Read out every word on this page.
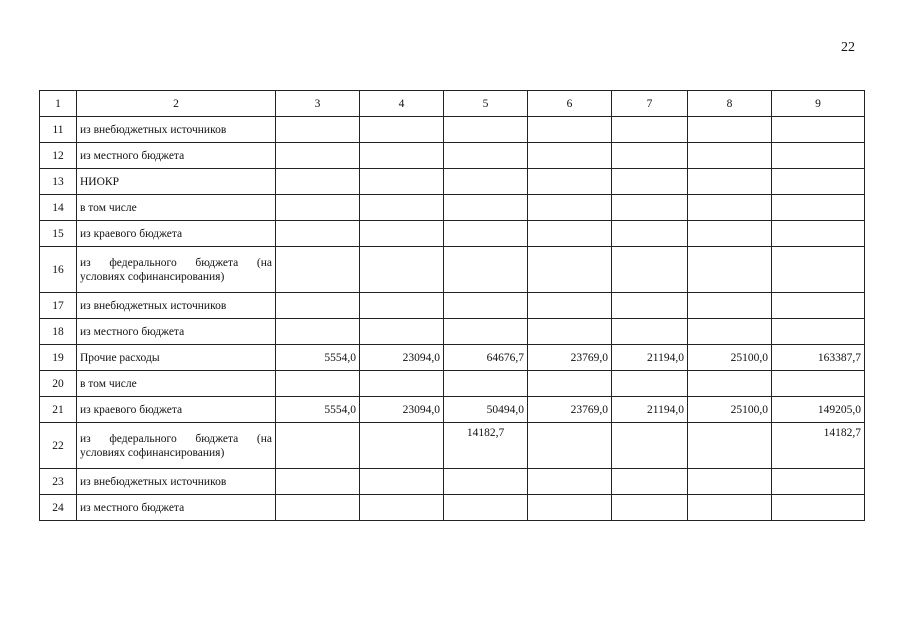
22
1	2	3	4	5	6	7	8	9
11	из внебюджетных источников							
12	из местного бюджета							
13	НИОКР							
14	в том числе							
15	из краевого бюджета							
16	из федерального бюджета (на условиях софинансирования)							
17	из внебюджетных источников							
18	из местного бюджета							
19	Прочие расходы	5554,0	23094,0	64676,7	23769,0	21194,0	25100,0	163387,7
20	в том числе							
21	из краевого бюджета	5554,0	23094,0	50494,0	23769,0	21194,0	25100,0	149205,0
22	из федерального бюджета (на условиях софинансирования)			14182,7				14182,7
23	из внебюджетных источников							
24	из местного бюджета							
